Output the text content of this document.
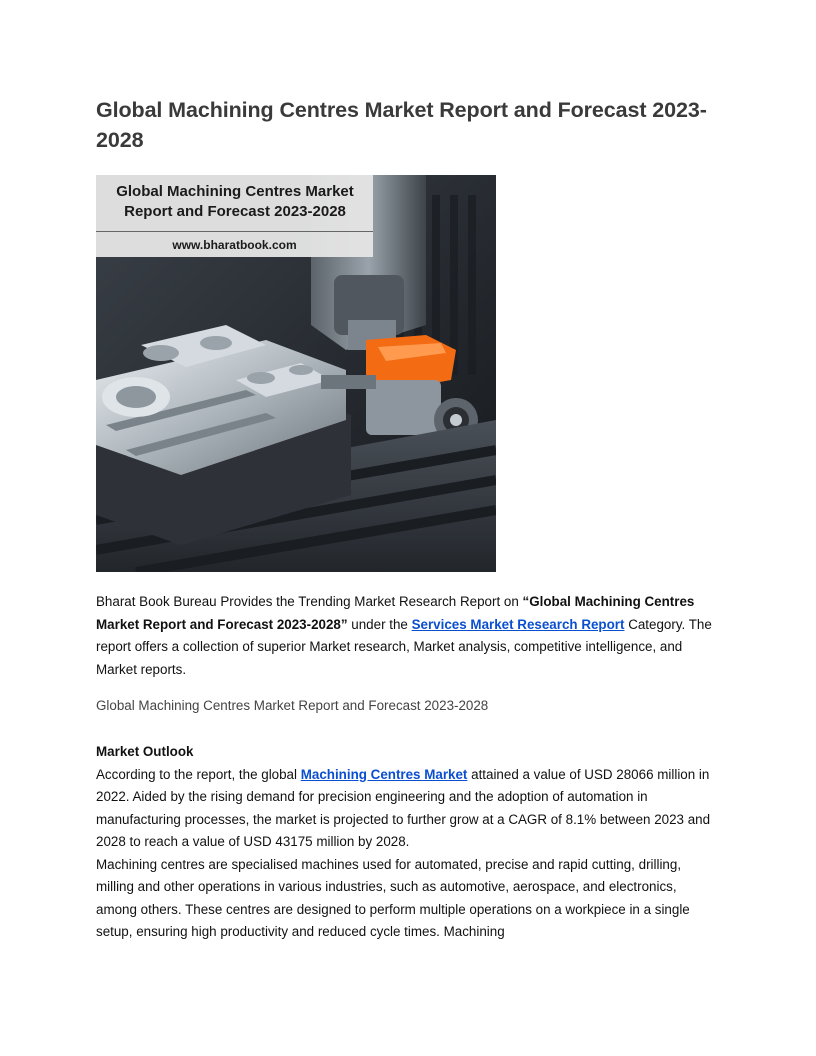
Global Machining Centres Market Report and Forecast 2023-2028
Global Machining Centres Market Report and Forecast 2023-2028
www.bharatbook.com
Bharat Book Bureau Provides the Trending Market Research Report on “Global Machining Centres Market Report and Forecast 2023-2028” under the Services Market Research Report Category. The report offers a collection of superior Market research, Market analysis, competitive intelligence, and Market reports.
Global Machining Centres Market Report and Forecast 2023-2028

Market Outlook

According to the report, the global Machining Centres Market attained a value of USD 28066 million in 2022. Aided by the rising demand for precision engineering and the adoption of automation in manufacturing processes, the market is projected to further grow at a CAGR of 8.1% between 2023 and 2028 to reach a value of USD 43175 million by 2028.

Machining centres are specialised machines used for automated, precise and rapid cutting, drilling, milling and other operations in various industries, such as automotive, aerospace, and electronics, among others. These centres are designed to perform multiple operations on a workpiece in a single setup, ensuring high productivity and reduced cycle times. Machining
